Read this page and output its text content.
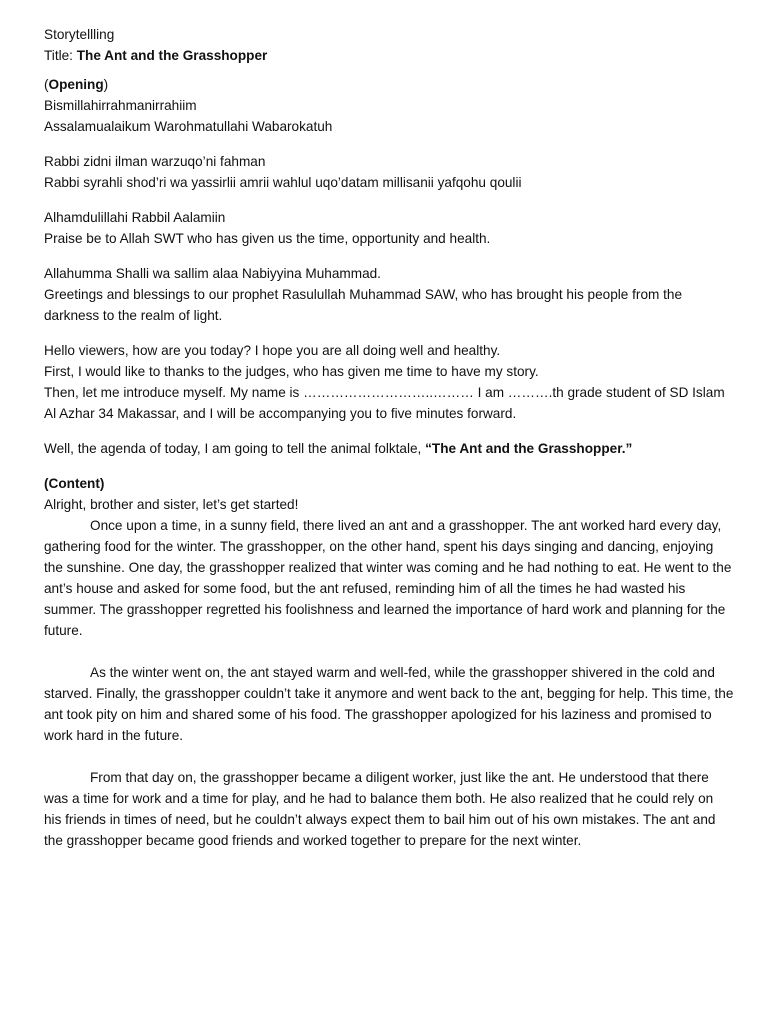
Storytellling

Title: The Ant and the Grasshopper

(Opening)

Bismillahirrahmanirrahiim

Assalamualaikum Warohmatullahi Wabarokatuh

Rabbi zidni ilman warzuqo’ni fahman

Rabbi syrahli shod’ri wa yassirlii amrii wahlul uqo’datam millisanii yafqohu qoulii

Alhamdulillahi Rabbil Aalamiin

Praise be to Allah SWT who has given us the time, opportunity and health.

Allahumma Shalli wa sallim alaa Nabiyyina Muhammad.

Greetings and blessings to our prophet Rasulullah Muhammad SAW, who has brought his people from the darkness to the realm of light.

Hello viewers, how are you today? I hope you are all doing well and healthy.

First, I would like to thanks to the judges, who has given me time to have my story.

Then, let me introduce myself. My name is ………………………..……… I am ……….th grade student of SD Islam Al Azhar 34 Makassar, and I will be accompanying you to five minutes forward.

Well, the agenda of today, I am going to tell the animal folktale, “The Ant and the Grasshopper.”

(Content)

Alright, brother and sister, let’s get started!

Once upon a time, in a sunny field, there lived an ant and a grasshopper. The ant worked hard every day, gathering food for the winter. The grasshopper, on the other hand, spent his days singing and dancing, enjoying the sunshine. One day, the grasshopper realized that winter was coming and he had nothing to eat. He went to the ant’s house and asked for some food, but the ant refused, reminding him of all the times he had wasted his summer. The grasshopper regretted his foolishness and learned the importance of hard work and planning for the future.

As the winter went on, the ant stayed warm and well-fed, while the grasshopper shivered in the cold and starved. Finally, the grasshopper couldn’t take it anymore and went back to the ant, begging for help. This time, the ant took pity on him and shared some of his food. The grasshopper apologized for his laziness and promised to work hard in the future.

From that day on, the grasshopper became a diligent worker, just like the ant. He understood that there was a time for work and a time for play, and he had to balance them both. He also realized that he could rely on his friends in times of need, but he couldn’t always expect them to bail him out of his own mistakes. The ant and the grasshopper became good friends and worked together to prepare for the next winter.
